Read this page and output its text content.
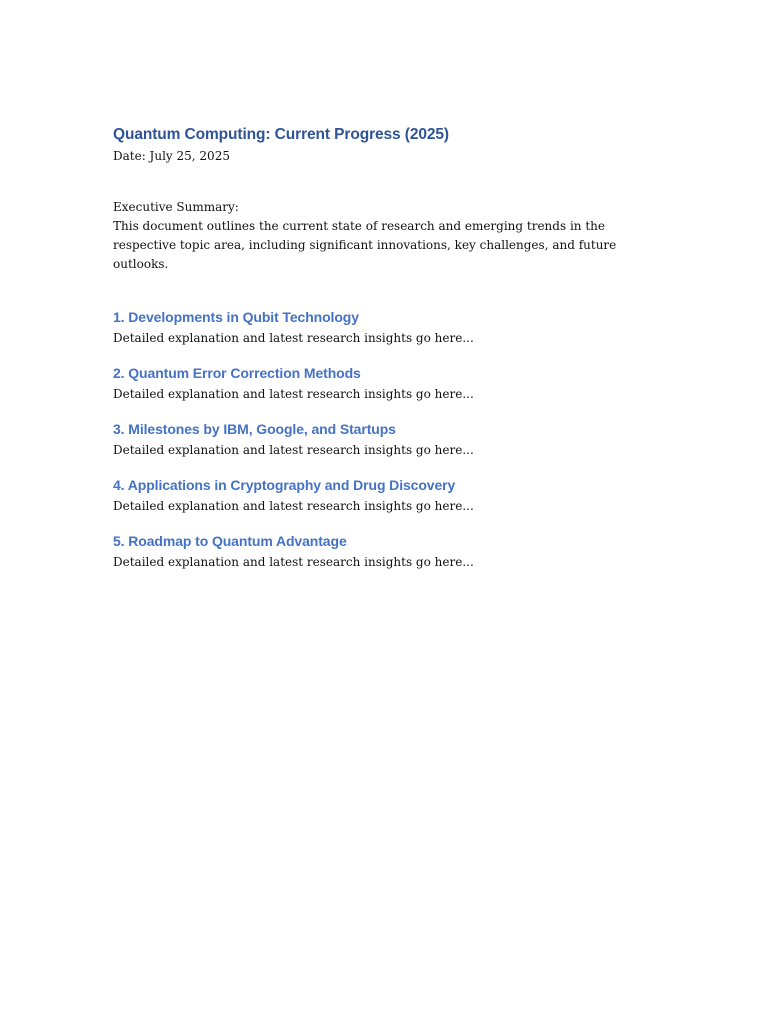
Quantum Computing: Current Progress (2025)

Date: July 25, 2025

Executive Summary:

This document outlines the current state of research and emerging trends in the respective topic area, including significant innovations, key challenges, and future outlooks.

1. Developments in Qubit Technology

Detailed explanation and latest research insights go here...

2. Quantum Error Correction Methods

Detailed explanation and latest research insights go here...

3. Milestones by IBM, Google, and Startups

Detailed explanation and latest research insights go here...

4. Applications in Cryptography and Drug Discovery

Detailed explanation and latest research insights go here...

5. Roadmap to Quantum Advantage

Detailed explanation and latest research insights go here...
